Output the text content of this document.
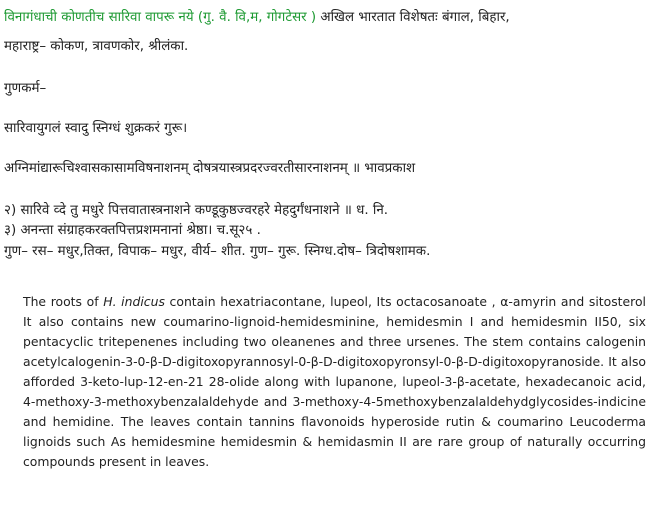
विनागंधाची कोणतीच सारिवा वापरू नये (गु. वै. वि,म, गोगटेसर ) अखिल भारतात विशेषतः बंगाल, बिहार,
महाराष्ट्र– कोकण, त्रावणकोर, श्रीलंका.
गुणकर्म–
सारिवायुगलं स्वादु स्निग्धं शुक्रकरं गुरू।
अग्निमांद्यारूचिश्वासकासामविषनाशनम् दोषत्रयास्त्रप्रदरज्वरतीसारनाशनम् ॥ भावप्रकाश
२) सारिवे व्दे तु मधुरे पित्तवातास्त्रनाशने कण्डूकुष्ठज्वरहरे मेहदुर्गंधनाशने ॥ ध. नि.
३) अनन्ता संग्राहकरक्तपित्तप्रशमनानां श्रेष्ठा। च.सू२५ .
गुण– रस– मधुर,तिक्त, विपाक– मधुर, वीर्य– शीत. गुण– गुरू. स्निग्ध.दोष– त्रिदोषशामक.
The roots of H. indicus contain hexatriacontane, lupeol, Its octacosanoate , α-amyrin and sitosterol It also contains new coumarino-lignoid-hemidesminine, hemidesmin I and hemidesmin II50, six pentacyclic tritepenenes including two oleanenes and three ursenes. The stem contains calogenin acetylcalogenin-3-0-β-D-digitoxopyrannosyl-0-β-D-digitoxopyronsyl-0-β-D-digitoxopyranoside. It also afforded 3-keto-lup-12-en-21 28-olide along with lupanone, lupeol-3-β-acetate, hexadecanoic acid, 4-methoxy-3-methoxybenzalaldehyde and 3-methoxy-4-5methoxybenzalaldehydglycosides-indicine and hemidine. The leaves contain tannins flavonoids hyperoside rutin & coumarino Leucoderma lignoids such As hemidesmine hemidesmin & hemidasmin II are rare group of naturally occurring compounds present in leaves.
